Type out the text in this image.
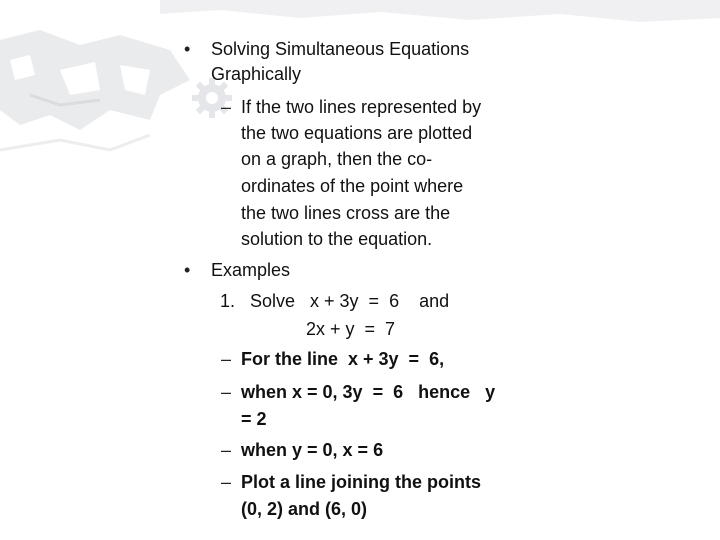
• Solving Simultaneous Equations
Graphically
– If the two lines represented by
the two equations are plotted
on a graph, then the co-
ordinates of the point where
the two lines cross are the
solution to the equation.
• Examples
1. Solve   x + 3y  =  6    and
2x + y  =  7
– For the line  x + 3y  =  6,
– when x = 0, 3y  =  6   hence   y
= 2
– when y = 0, x = 6
– Plot a line joining the points
(0, 2) and (6, 0)
